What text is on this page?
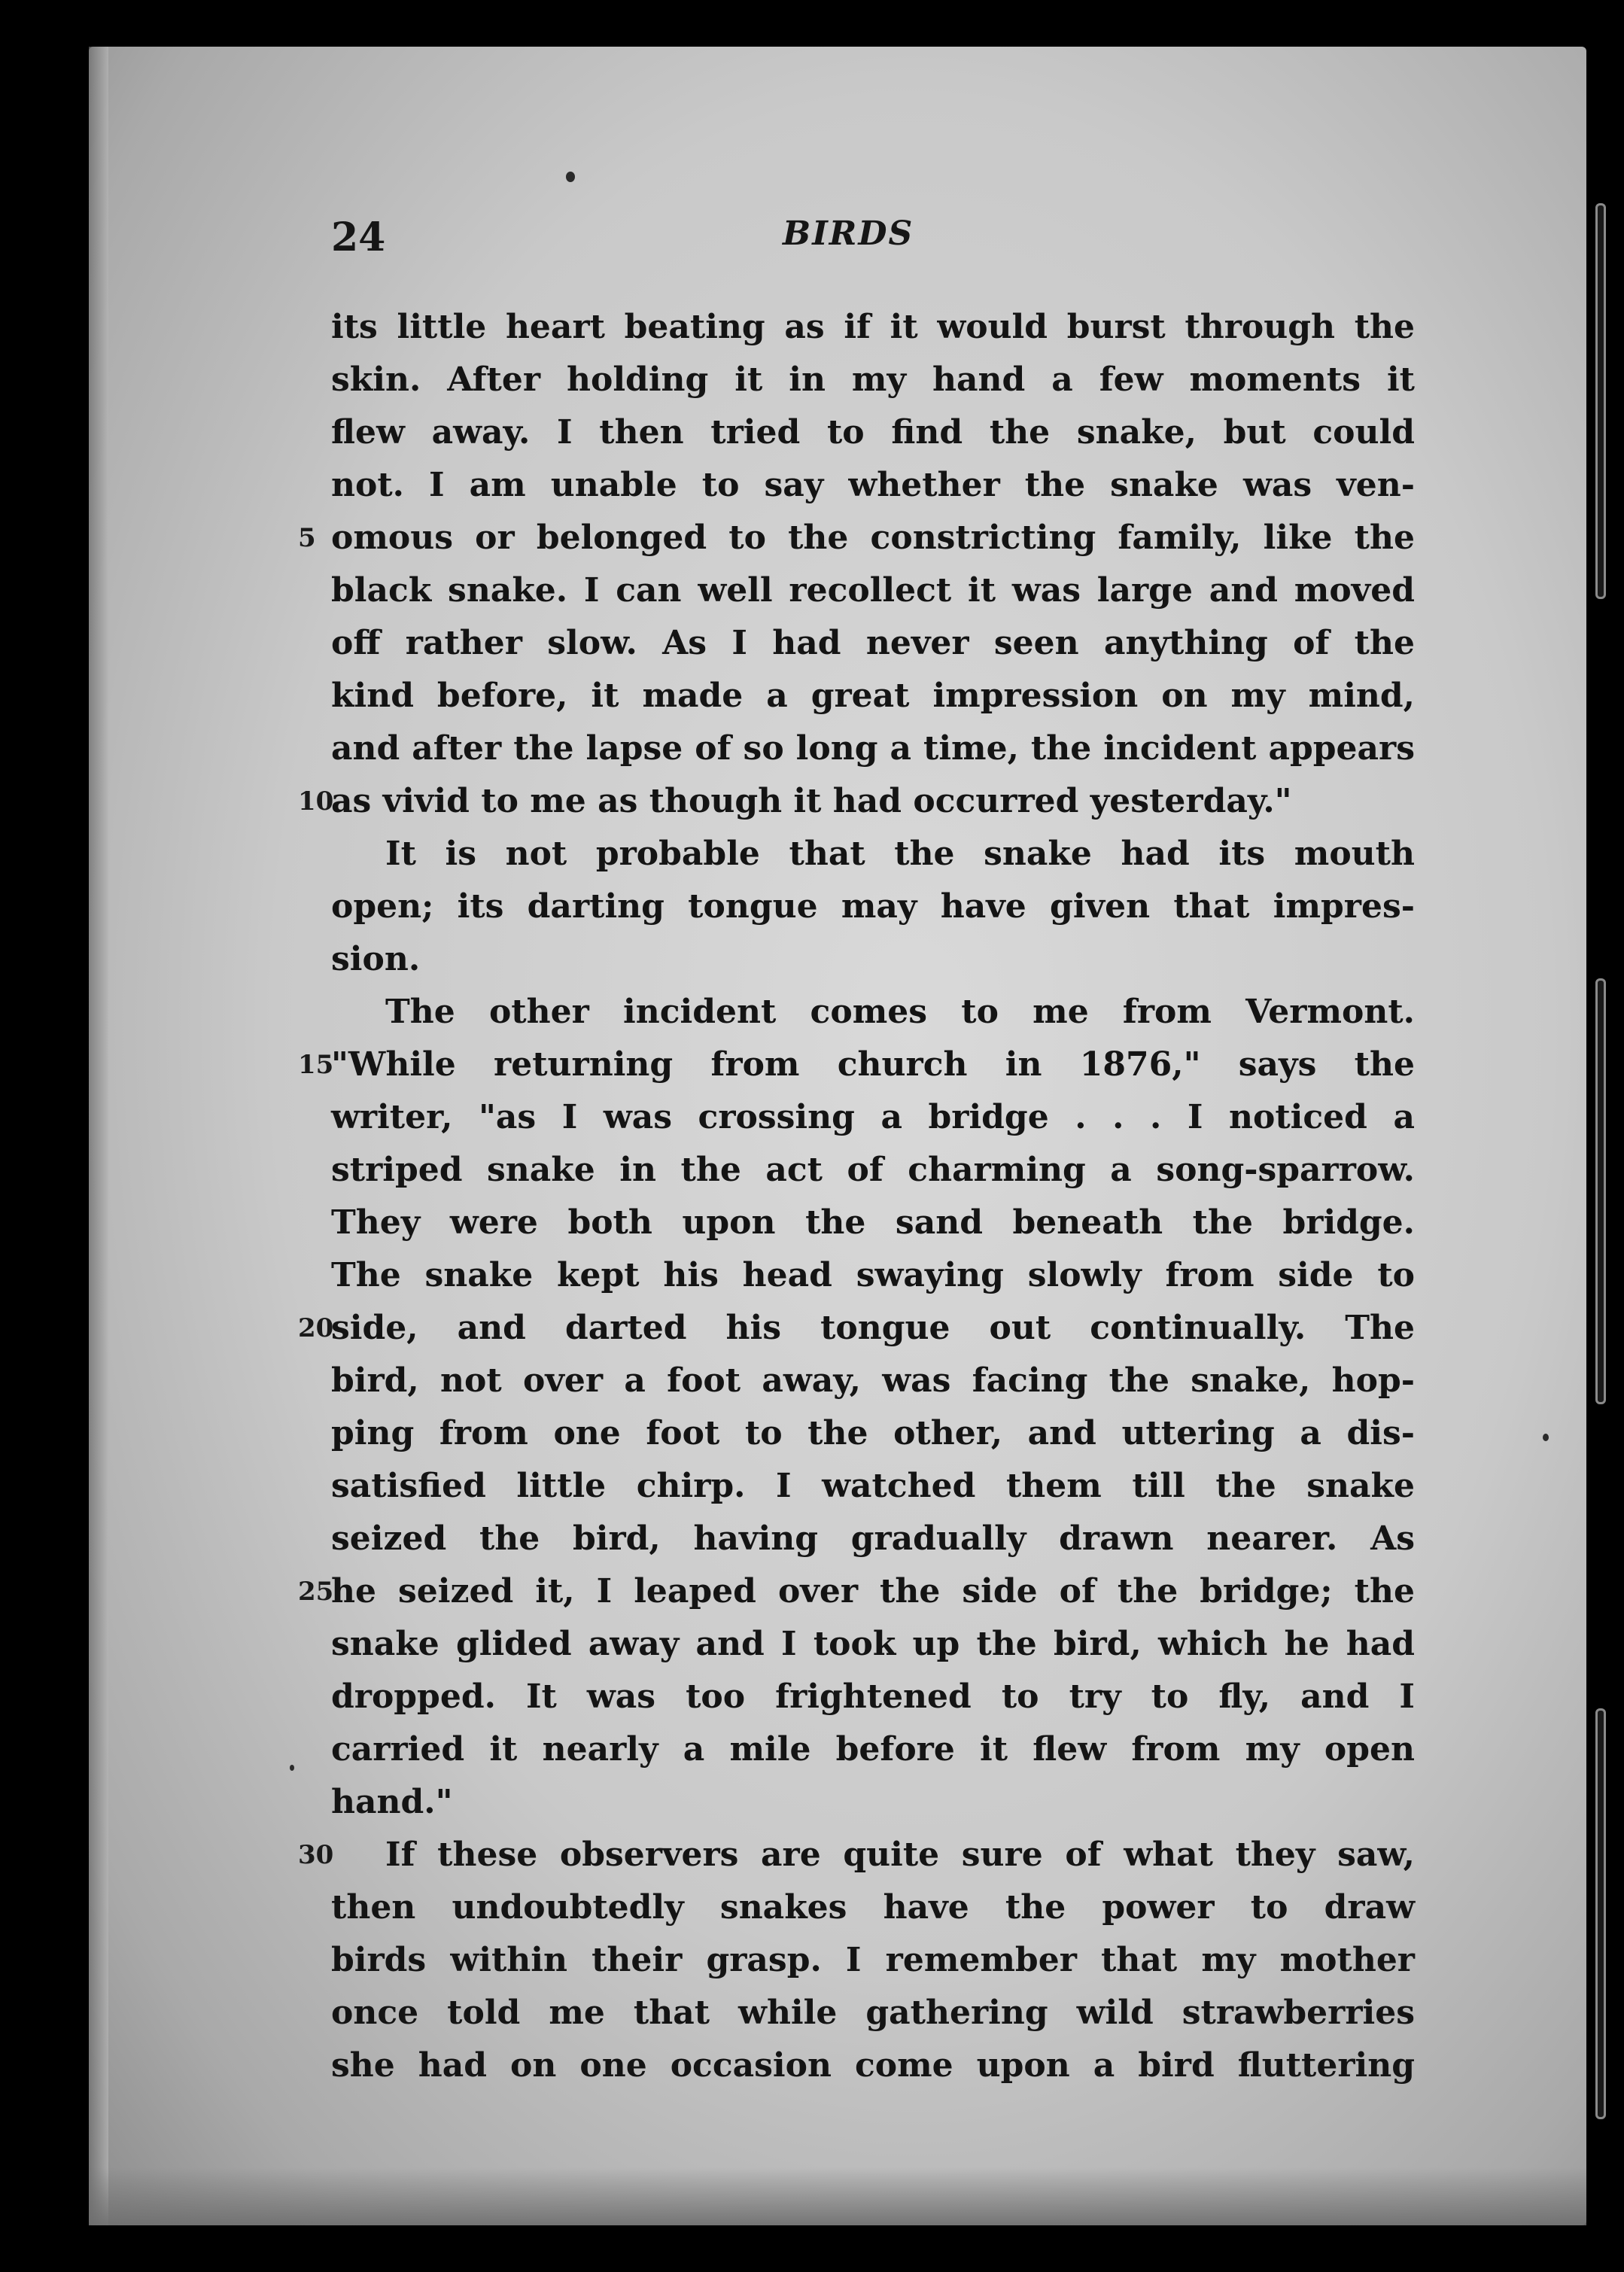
24	BIRDS
its little heart beating as if it would burst through the
skin. After holding it in my hand a few moments it
flew away. I then tried to find the snake, but could
not. I am unable to say whether the snake was ven-
5 omous or belonged to the constricting family, like the
black snake. I can well recollect it was large and moved
off rather slow. As I had never seen anything of the
kind before, it made a great impression on my mind,
and after the lapse of so long a time, the incident appears
10
as vivid to me as though it had occurred yesterday."
It is not probable that the snake had its mouth
open; its darting tongue may have given that impres-
sion.
The other incident comes to me from Vermont.
15
"While returning from church in 1876," says the
writer, "as I was crossing a bridge . . . I noticed a
striped snake in the act of charming a song-sparrow.
They were both upon the sand beneath the bridge.
The snake kept his head swaying slowly from side to
20
side, and darted his tongue out continually. The
bird, not over a foot away, was facing the snake, hop-
ping from one foot to the other, and uttering a dis-
satisfied little chirp. I watched them till the snake
seized the bird, having gradually drawn nearer. As
25
he seized it, I leaped over the side of the bridge; the
snake glided away and I took up the bird, which he had
dropped. It was too frightened to try to fly, and I
carried it nearly a mile before it flew from my open
hand."
30 If these observers are quite sure of what they saw,
then undoubtedly snakes have the power to draw
birds within their grasp. I remember that my mother
once told me that while gathering wild strawberries
she had on one occasion come upon a bird fluttering
